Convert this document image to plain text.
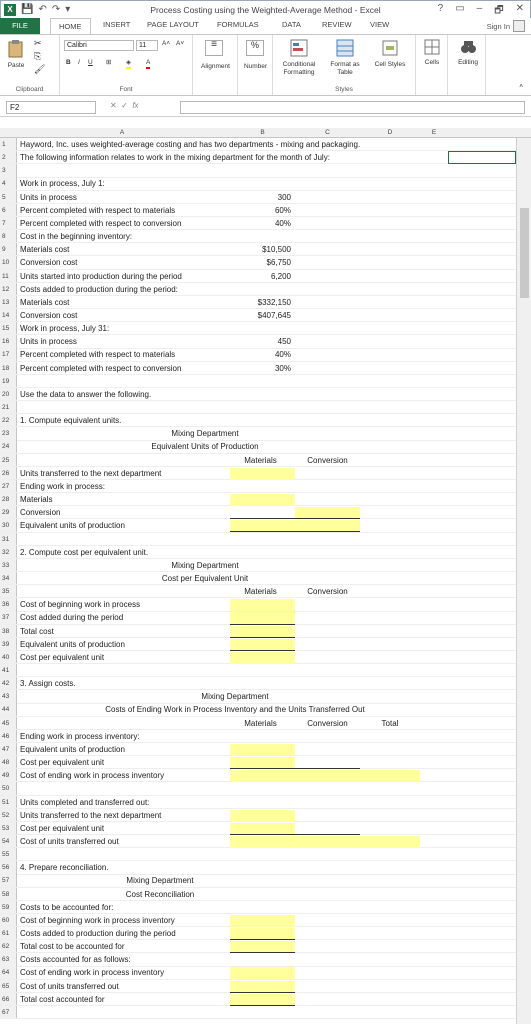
X 💾 ↶ ↷ ▾	Process Costing using the Weighted-Average Method - Excel	? ▭ – 🗗 ✕
FILE	HOME	INSERT PAGE LAYOUT FORMULAS	DATA	REVIEW VIEW	Sign In
Paste
✂
⎘
🖌
Clipboard
Calibri	11	A˄ A˅
B I U ⊞ ◈ A
Font
≡
Alignment
%
Number	Conditional Formatting
Format as Table
Cell Styles
Styles
Cells	Editing
˄
F2	✕ ✓ fx
A	B	C	D	E
1	Hayword, Inc. uses weighted-average costing and has two departments - mixing and packaging.
2	The following information relates to work in the mixing department for the month of July:
3
4	Work in process, July 1:
5	Units in process	300
6	Percent completed with respect to materials	60%
7	Percent completed with respect to conversion	40%
8	Cost in the beginning inventory:
9	Materials cost	$10,500
10	Conversion cost	$6,750
11	Units started into production during the period	6,200
12	Costs added to production during the period:
13	Materials cost	$332,150
14	Conversion cost	$407,645
15	Work in process, July 31:
16	Units in process	450
17	Percent completed with respect to materials	40%
18	Percent completed with respect to conversion	30%
19
20	Use the data to answer the following.
21
22	1. Compute equivalent units.
23	Mixing Department
24	Equivalent Units of Production
25	Materials	Conversion
26	Units transferred to the next department
27	Ending work in process:
28	Materials
29	Conversion
30	Equivalent units of production
31
32	2. Compute cost per equivalent unit.
33	Mixing Department
34	Cost per Equivalent Unit
35	Materials	Conversion
36	Cost of beginning work in process
37	Cost added during the period
38	Total cost
39	Equivalent units of production
40	Cost per equivalent unit
41
42	3. Assign costs.
43	Mixing Department
44	Costs of Ending Work in Process Inventory and the Units Transferred Out
45	Materials	Conversion	Total
46	Ending work in process inventory:
47	Equivalent units of production
48	Cost per equivalent unit
49	Cost of ending work in process inventory
50
51	Units completed and transferred out:
52	Units transferred to the next department
53	Cost per equivalent unit
54	Cost of units transferred out
55
56	4. Prepare reconciliation.
57	Mixing Department
58	Cost Reconciliation
59	Costs to be accounted for:
60	Cost of beginning work in process inventory
61	Costs added to production during the period
62	Total cost to be accounted for
63	Costs accounted for as follows:
64	Cost of ending work in process inventory
65	Cost of units transferred out
66	Total cost accounted for
67
